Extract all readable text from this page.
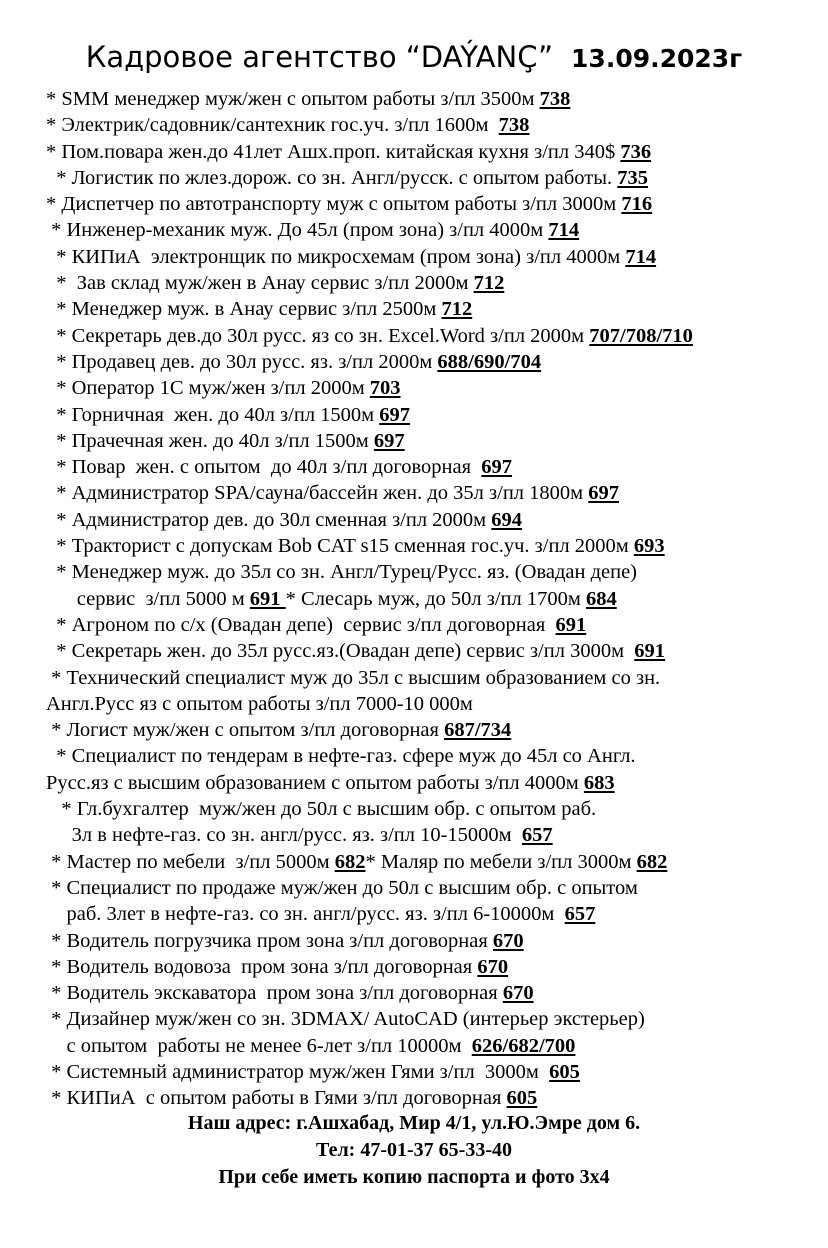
Кадровое агентство “DAÝANÇ” 13.09.2023г
* SMM менеджер муж/жен с опытом работы з/пл 3500м 738
* Электрик/садовник/сантехник гос.уч. з/пл 1600м  738
* Пом.повара жен.до 41лет Ашх.проп. китайская кухня з/пл 340$ 736
* Логистик по жлез.дорож. со зн. Англ/русск. с опытом работы. 735
* Диспетчер по автотранспорту муж с опытом работы з/пл 3000м 716
* Инженер-механик муж. До 45л (пром зона) з/пл 4000м 714
* КИПиА  электронщик по микросхемам (пром зона) з/пл 4000м 714
*  Зав склад муж/жен в Анау сервис з/пл 2000м 712
* Менеджер муж. в Анау сервис з/пл 2500м 712
* Секретарь дев.до 30л русс. яз со зн. Excel.Word з/пл 2000м 707/708/710
* Продавец дев. до 30л русс. яз. з/пл 2000м 688/690/704
* Оператор 1С муж/жен з/пл 2000м 703
* Горничная  жен. до 40л з/пл 1500м 697
* Прачечная жен. до 40л з/пл 1500м 697
* Повар  жен. с опытом  до 40л з/пл договорная  697
* Администратор SPA/сауна/бассейн жен. до 35л з/пл 1800м 697
* Администратор дев. до 30л сменная з/пл 2000м 694
* Тракторист с допускам Bob CAT s15 сменная гос.уч. з/пл 2000м 693
* Менеджер муж. до 35л со зн. Англ/Турец/Русс. яз. (Овадан депе)
сервис  з/пл 5000 м 691 * Слесарь муж, до 50л з/пл 1700м 684
* Агроном по с/х (Овадан депе)  сервис з/пл договорная  691
* Секретарь жен. до 35л русс.яз.(Овадан депе) сервис з/пл 3000м  691
* Технический специалист муж до 35л с высшим образованием со зн.
Англ.Русс яз с опытом работы з/пл 7000-10 000м
* Логист муж/жен с опытом з/пл договорная 687/734
* Специалист по тендерам в нефте-газ. сфере муж до 45л со Англ.
Русс.яз с высшим образованием с опытом работы з/пл 4000м 683
* Гл.бухгалтер  муж/жен до 50л с высшим обр. с опытом раб.
3л в нефте-газ. со зн. англ/русс. яз. з/пл 10-15000м  657
* Мастер по мебели  з/пл 5000м 682* Маляр по мебели з/пл 3000м 682
* Специалист по продаже муж/жен до 50л с высшим обр. с опытом
раб. 3лет в нефте-газ. со зн. англ/русс. яз. з/пл 6-10000м  657
* Водитель погрузчика пром зона з/пл договорная 670
* Водитель водовоза  пром зона з/пл договорная 670
* Водитель экскаватора  пром зона з/пл договорная 670
* Дизайнер муж/жен со зн. 3DMAX/ AutoCAD (интерьер экстерьер)
с опытом  работы не менее 6-лет з/пл 10000м  626/682/700
* Системный администратор муж/жен Гями з/пл  3000м  605
* КИПиА  с опытом работы в Гями з/пл договорная 605
Наш адрес: г.Ашхабад, Мир 4/1, ул.Ю.Эмре дом 6.
Тел: 47-01-37 65-33-40
При себе иметь копию паспорта и фото 3х4
